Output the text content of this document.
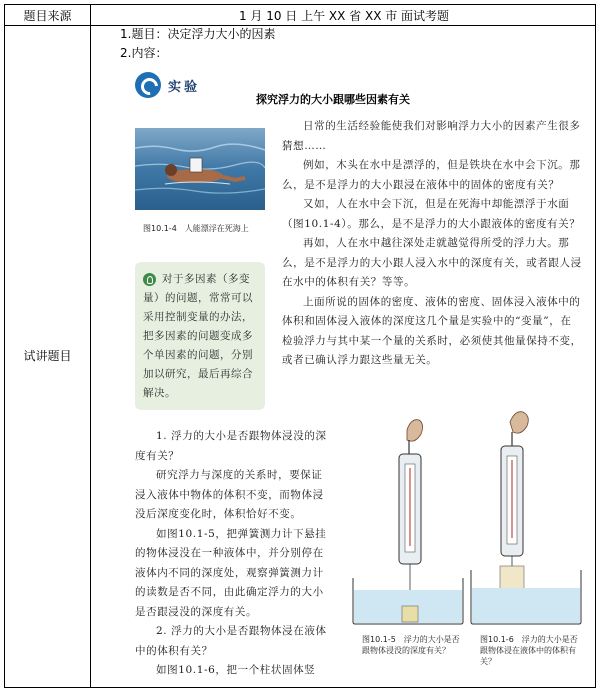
题目来源	1 月 10 日 上午 XX 省 XX 市 面试考题
试讲题目
1.题目：决定浮力大小的因素
2.内容：
实验
探究浮力的大小跟哪些因素有关
图10.1-4　人能漂浮在死海上
对于多因素（多变量）的问题，常常可以采用控制变量的办法，把多因素的问题变成多个单因素的问题，分别加以研究，最后再综合解决。

日常的生活经验能使我们对影响浮力大小的因素产生很多猜想……

例如，木头在水中是漂浮的，但是铁块在水中会下沉。那么，是不是浮力的大小跟浸在液体中的固体的密度有关？

又如，人在水中会下沉，但是在死海中却能漂浮于水面（图10.1-4）。那么，是不是浮力的大小跟液体的密度有关？

再如，人在水中越往深处走就越觉得所受的浮力大。那么，是不是浮力的大小跟人浸入水中的深度有关，或者跟人浸在水中的体积有关？等等。

上面所说的固体的密度、液体的密度、固体浸入液体中的体积和固体浸入液体的深度这几个量是实验中的“变量”，在检验浮力与其中某一个量的关系时，必须使其他量保持不变，或者已确认浮力跟这些量无关。

1. 浮力的大小是否跟物体浸没的深度有关？

研究浮力与深度的关系时，要保证浸入液体中物体的体积不变，而物体浸没后深度变化时，体积恰好不变。

如图10.1-5，把弹簧测力计下悬挂的物体浸没在一种液体中，并分别停在液体内不同的深度处，观察弹簧测力计的读数是否不同，由此确定浮力的大小是否跟浸没的深度有关。

2. 浮力的大小是否跟物体浸在液体中的体积有关？

如图10.1-6，把一个柱状固体竖

图10.1-5　浮力的大小是否跟物体浸没的深度有关？
图10.1-6　浮力的大小是否跟物体浸在液体中的体积有关？
